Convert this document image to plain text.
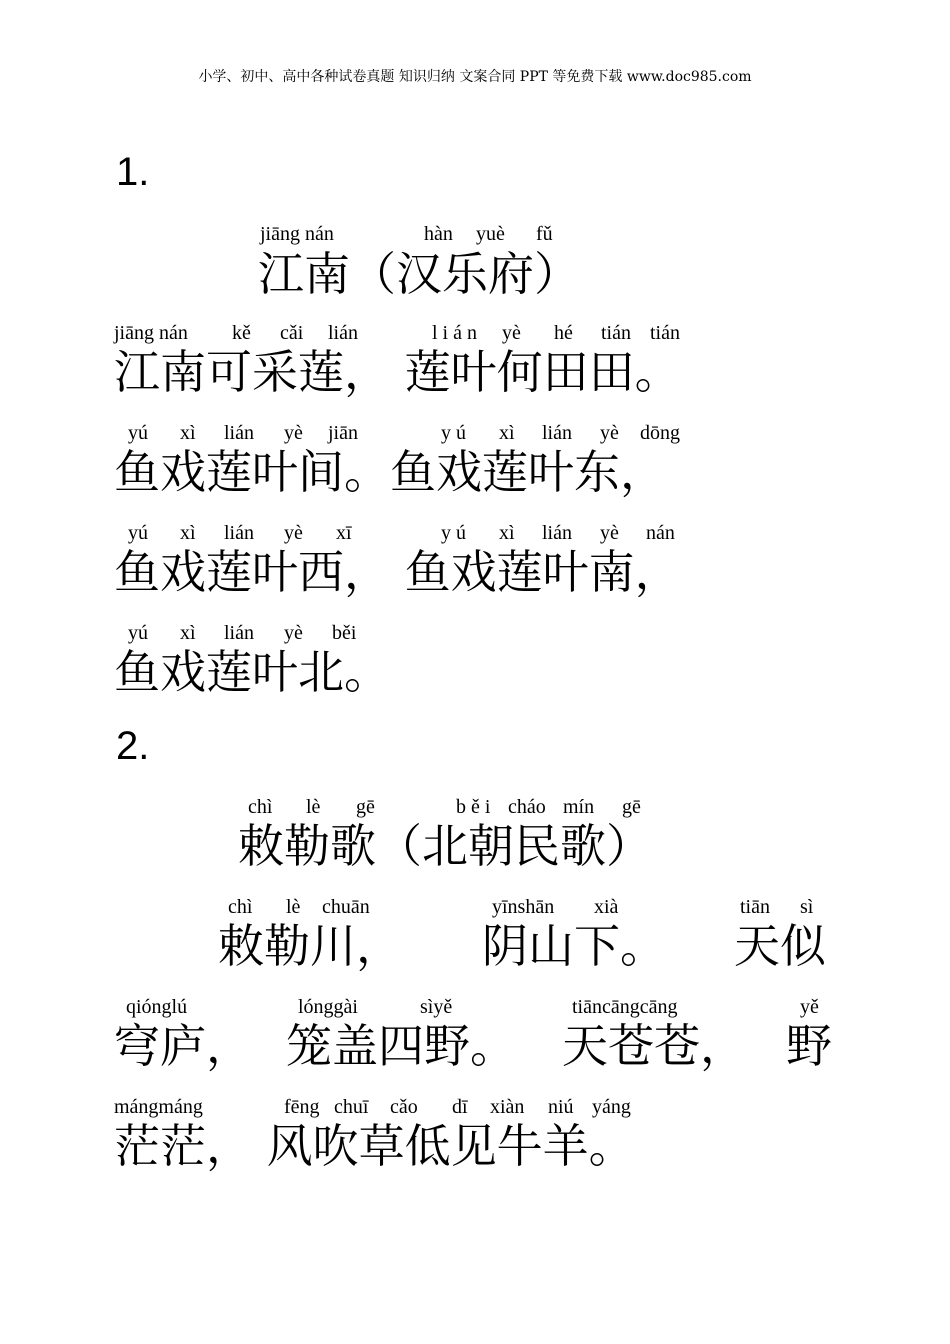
小学、初中、高中各种试卷真题 知识归纳 文案合同 PPT 等免费下载 www.doc985.com
1.
jiāng nán	hàn yuè fǔ
江南（汉乐府）
jiāng nán kě cǎi lián	l i á n yè hé tián tián
江南可采莲， 莲叶何田田。
yú xì lián yè jiān	y ú xì lián yè dōng
鱼戏莲叶间。鱼戏莲叶东，
yú xì lián yè xī	y ú xì lián yè nán
鱼戏莲叶西， 鱼戏莲叶南，
yú xì lián yè běi
鱼戏莲叶北。
2.
chì lè gē	b ě i cháo mín gē
敕勒歌（北朝民歌）
chì lè chuān	yīnshān xià	tiān sì
敕勒川， 阴山下。 天似
qiónglú	lónggài	sìyě	tiāncāngcāng	yě
穹庐， 笼盖四野。 天苍苍， 野
mángmáng	fēng chuī cǎo dī xiàn niú yáng
茫茫， 风吹草低见牛羊。
